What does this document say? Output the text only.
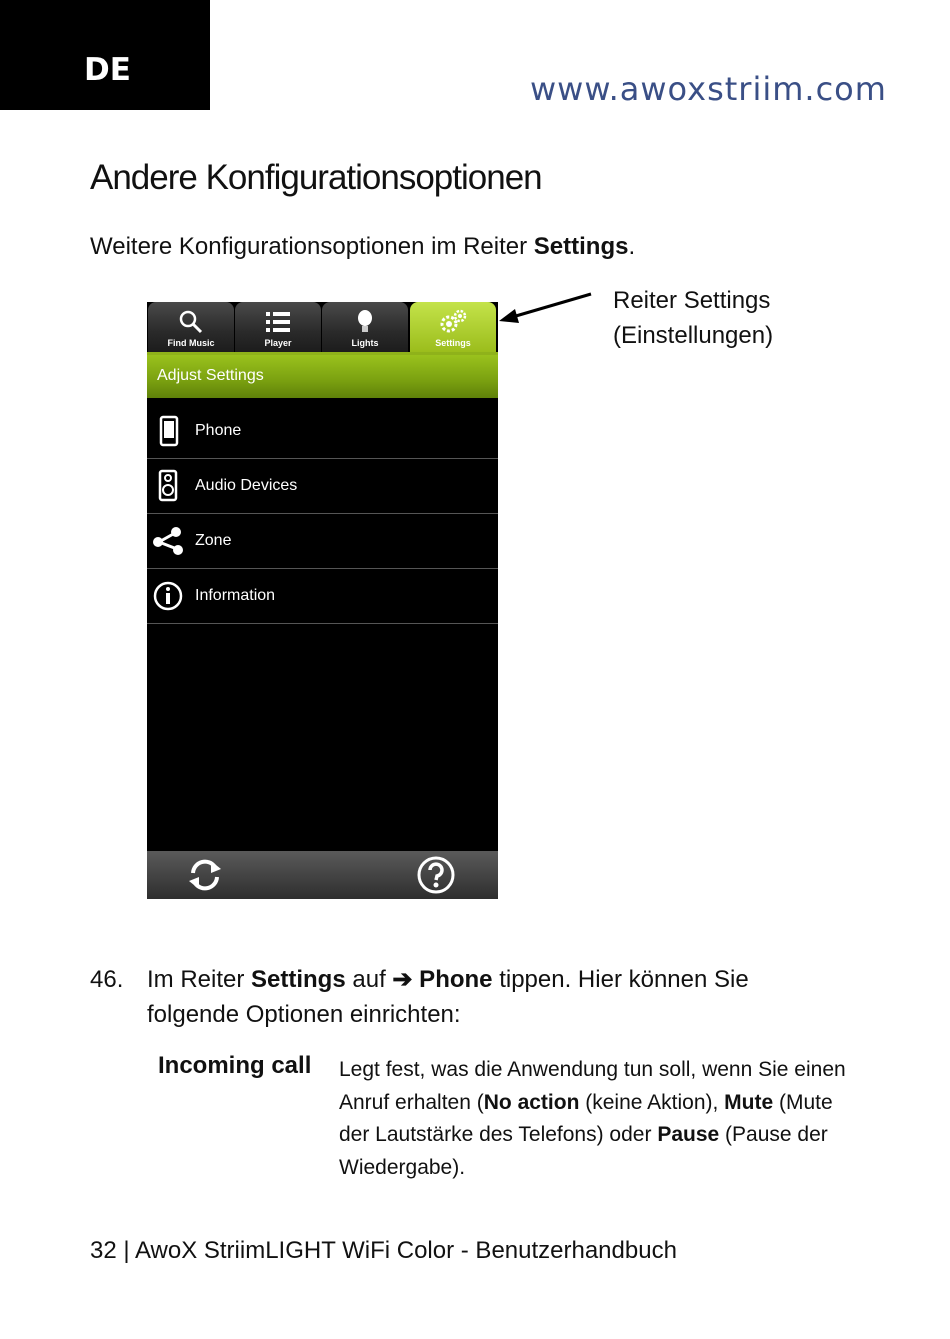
DE	www.awoxstriim.com
Andere Konfigurationsoptionen
Weitere Konfigurationsoptionen im Reiter Settings.
Reiter Settings
(Einstellungen)
Find Music	Player	Lights	Settings
Adjust Settings
Phone
Audio Devices
Zone
Information
46. Im Reiter Settings auf ➔ Phone tippen. Hier können Sie folgende Optionen einrichten:
Incoming call Legt fest, was die Anwendung tun soll, wenn Sie einen Anruf erhalten (No action (keine Aktion), Mute (Mute der Lautstärke des Telefons) oder Pause (Pause der Wiedergabe).
32 | AwoX StriimLIGHT WiFi Color - Benutzerhandbuch
